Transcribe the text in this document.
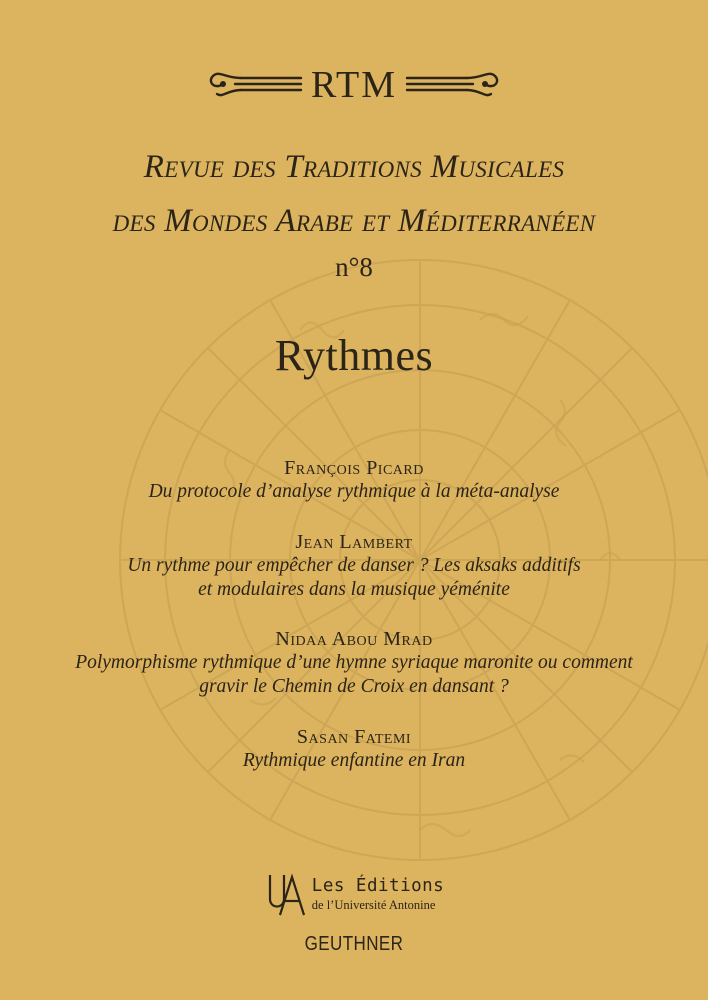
RTM
Revue des Traditions Musicales
des Mondes Arabe et Méditerranéen
n°8
Rythmes
François Picard
Du protocole d’analyse rythmique à la méta-analyse
Jean Lambert
Un rythme pour empêcher de danser ? Les aksaks additifs
et modulaires dans la musique yéménite
Nidaa Abou Mrad
Polymorphisme rythmique d’une hymne syriaque maronite ou comment
gravir le Chemin de Croix en dansant ?
Sasan Fatemi
Rythmique enfantine en Iran
Les Éditions
de l’Université Antonine
GEUTHNER
